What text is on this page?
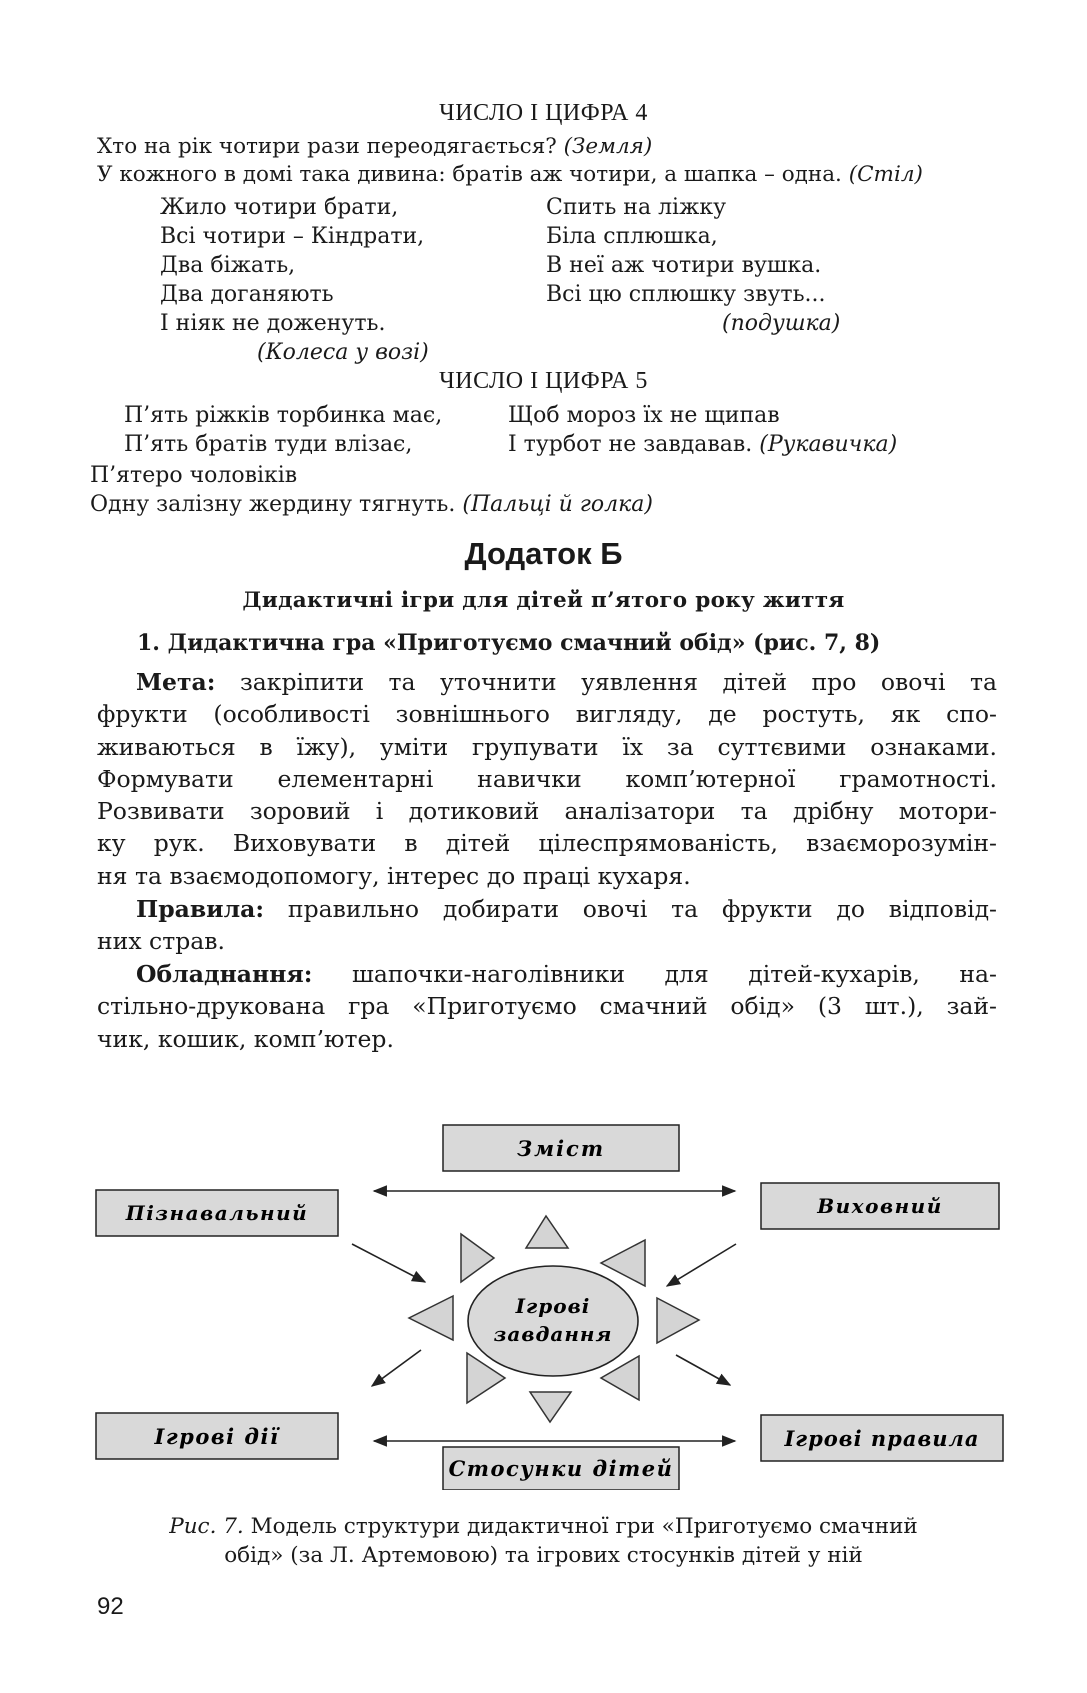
ЧИСЛО І ЦИФРА 4
Хто на рік чотири рази переодягається? (Земля)
У кожного в домі така дивина: братів аж чотири, а шапка – одна. (Стіл)
Жило чотири брати,
Всі чотири – Кіндрати,
Два біжать,
Два доганяють
І ніяк не доженуть.
(Колеса у возі)
Спить на ліжку
Біла сплюшка,
В неї аж чотири вушка.
Всі цю сплюшку звуть...
(подушка)
ЧИСЛО І ЦИФРА 5
П’ять ріжків торбинка має,
П’ять братів туди влізає,
Щоб мороз їх не щипав
І турбот не завдавав. (Рукавичка)
П’ятеро чоловіків
Одну залізну жердину тягнуть. (Пальці й голка)
Додаток Б
Дидактичні ігри для дітей п’ятого року життя
1. Дидактична гра «Приготуємо смачний обід» (рис. 7, 8)
Мета: закріпити та уточнити уявлення дітей про овочі та
фрукти (особливості зовнішнього вигляду, де ростуть, як спо-
живаються в їжу), уміти групувати їх за суттєвими ознаками.
Формувати елементарні навички комп’ютерної грамотності.
Розвивати зоровий і дотиковий аналізатори та дрібну мотори-
ку рук. Виховувати в дітей цілеспрямованість, взаєморозумін-
ня та взаємодопомогу, інтерес до праці кухаря.
Правила: правильно добирати овочі та фрукти до відповід-
них страв.
Обладнання: шапочки-наголівники для дітей-кухарів, на-
стільно-друкована гра «Приготуємо смачний обід» (3 шт.), зай-
чик, кошик, комп’ютер.
Зміст
Пізнавальний	Виховний
Ігрові дії	Ігрові правила
Стосунки дітей
Ігрові
завдання
Рис. 7. Модель структури дидактичної гри «Приготуємо смачний
обід» (за Л. Артемовою) та ігрових стосунків дітей у ній
92
